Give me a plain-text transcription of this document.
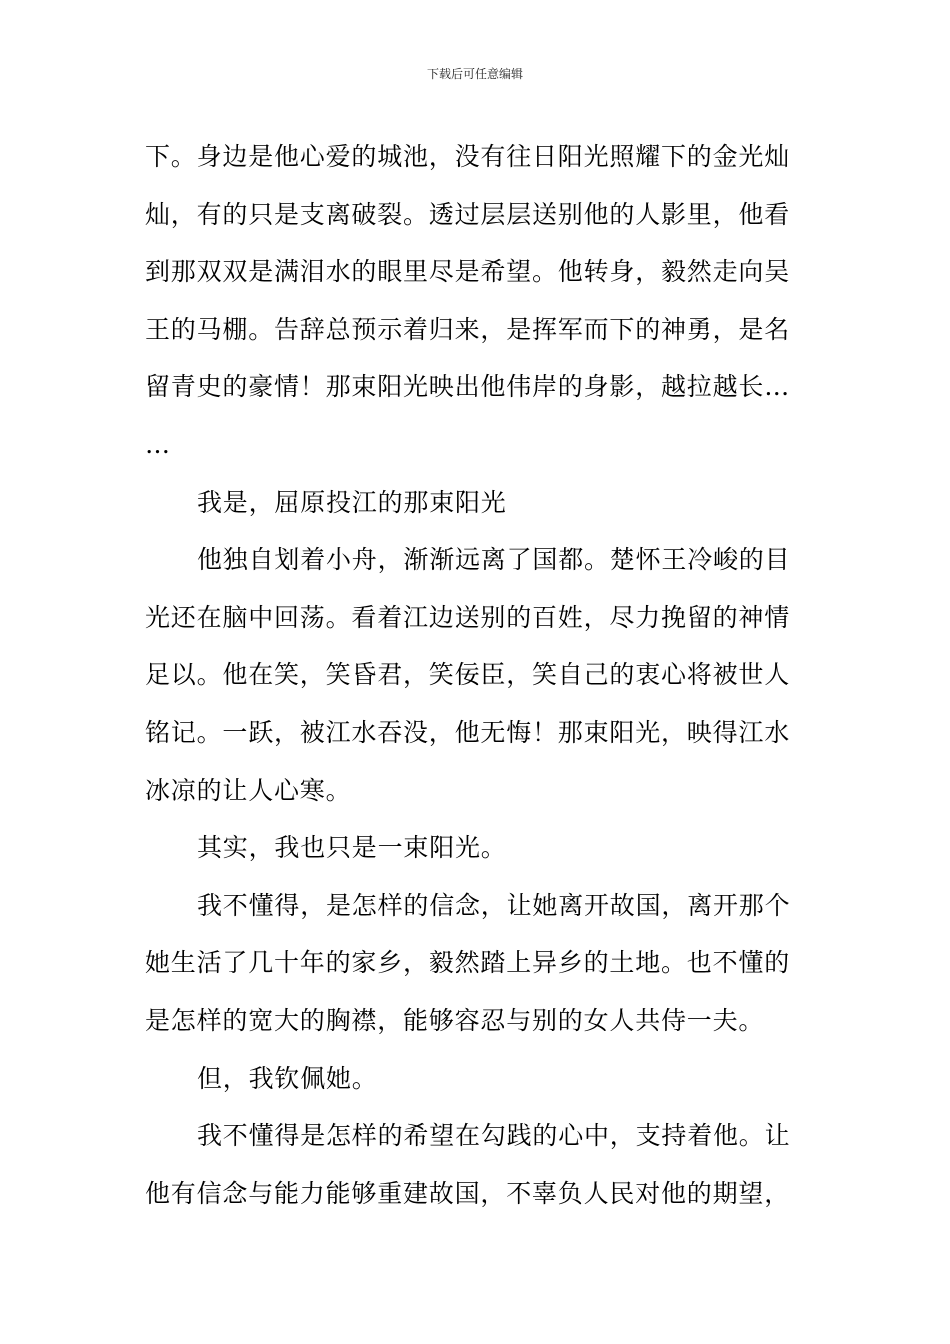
下载后可任意编辑
下。身边是他心爱的城池，没有往日阳光照耀下的金光灿
灿，有的只是支离破裂。透过层层送别他的人影里，他看
到那双双是满泪水的眼里尽是希望。他转身，毅然走向吴
王的马棚。告辞总预示着归来，是挥军而下的神勇，是名
留青史的豪情！那束阳光映出他伟岸的身影，越拉越长…
…
我是，屈原投江的那束阳光
他独自划着小舟，渐渐远离了国都。楚怀王冷峻的目
光还在脑中回荡。看着江边送别的百姓，尽力挽留的神情
足以。他在笑，笑昏君，笑佞臣，笑自己的衷心将被世人
铭记。一跃，被江水吞没，他无悔！那束阳光，映得江水
冰凉的让人心寒。
其实，我也只是一束阳光。
我不懂得，是怎样的信念，让她离开故国，离开那个
她生活了几十年的家乡，毅然踏上异乡的土地。也不懂的
是怎样的宽大的胸襟，能够容忍与别的女人共侍一夫。
但，我钦佩她。
我不懂得是怎样的希望在勾践的心中，支持着他。让
他有信念与能力能够重建故国，不辜负人民对他的期望，
